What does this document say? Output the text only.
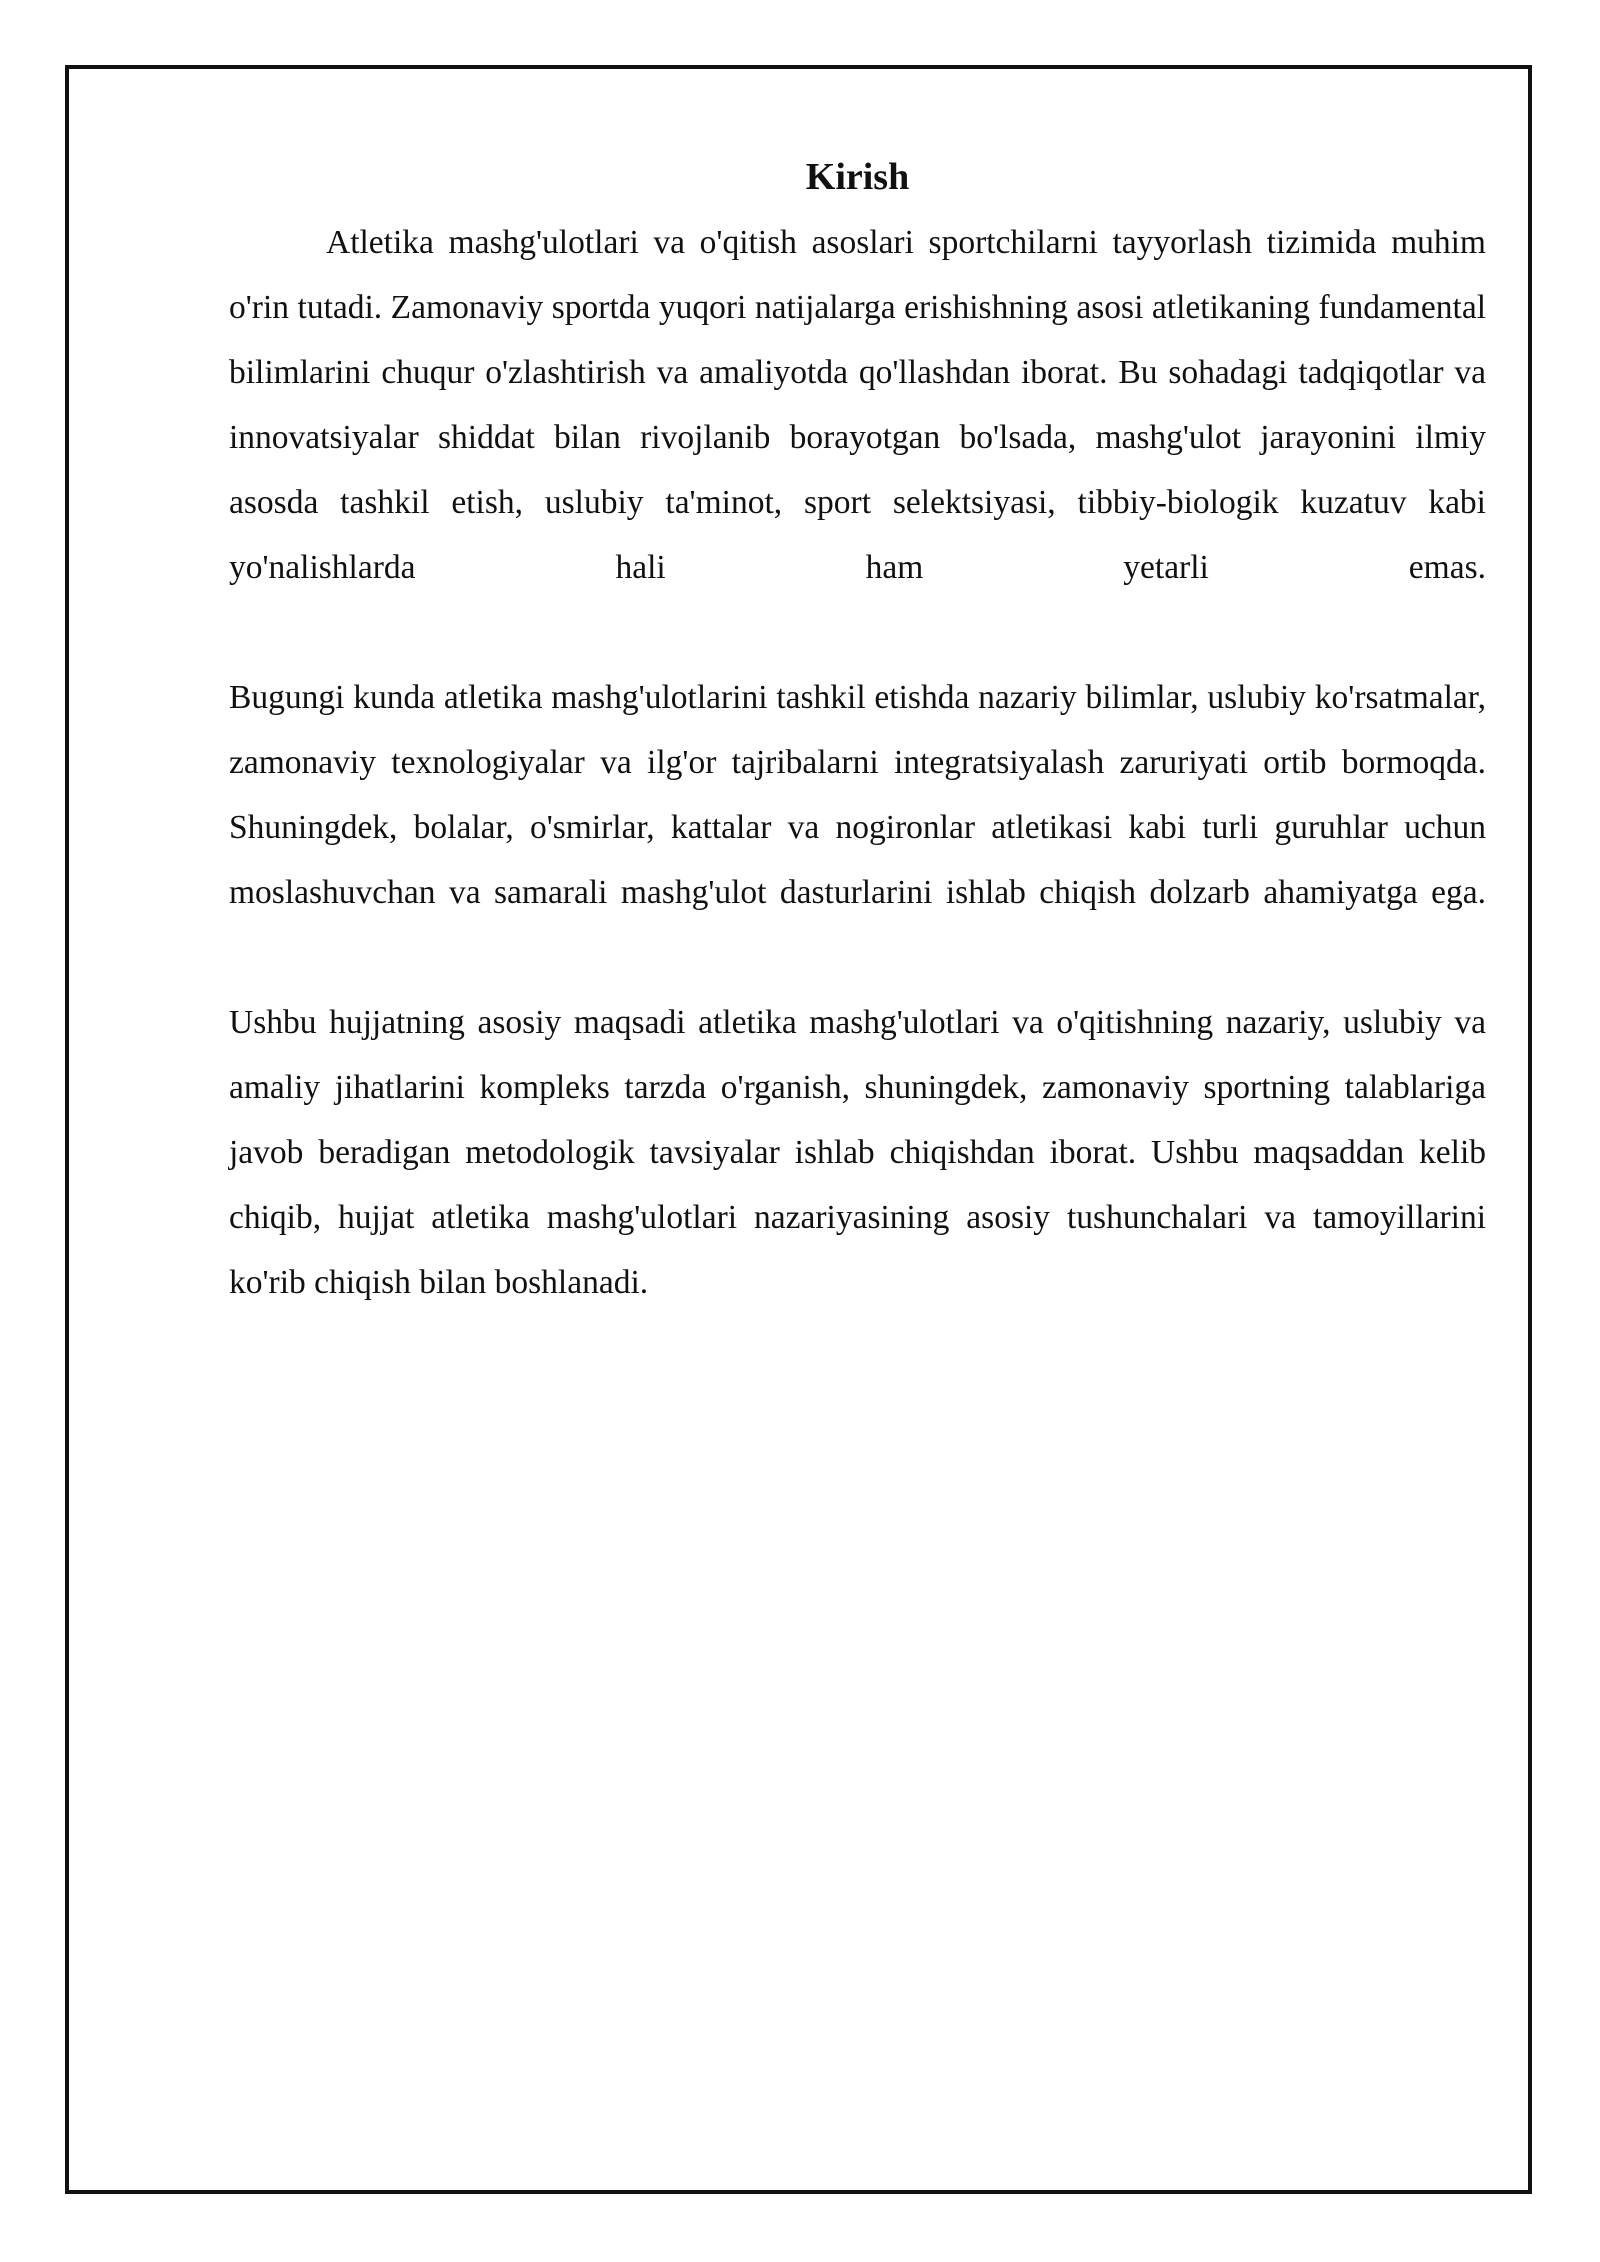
Kirish

Atletika mashg'ulotlari va o'qitish asoslari sportchilarni tayyorlash tizimida muhim o'rin tutadi. Zamonaviy sportda yuqori natijalarga erishishning asosi atletikaning fundamental bilimlarini chuqur o'zlashtirish va amaliyotda qo'llashdan iborat. Bu sohadagi tadqiqotlar va innovatsiyalar shiddat bilan rivojlanib borayotgan bo'lsada, mashg'ulot jarayonini ilmiy asosda tashkil etish, uslubiy ta'minot, sport selektsiyasi, tibbiy-biologik kuzatuv kabi yo'nalishlarda hali ham yetarli emas.

Bugungi kunda atletika mashg'ulotlarini tashkil etishda nazariy bilimlar, uslubiy ko'rsatmalar, zamonaviy texnologiyalar va ilg'or tajribalarni integratsiyalash zaruriyati ortib bormoqda. Shuningdek, bolalar, o'smirlar, kattalar va nogironlar atletikasi kabi turli guruhlar uchun moslashuvchan va samarali mashg'ulot dasturlarini ishlab chiqish dolzarb ahamiyatga ega.

Ushbu hujjatning asosiy maqsadi atletika mashg'ulotlari va o'qitishning nazariy, uslubiy va amaliy jihatlarini kompleks tarzda o'rganish, shuningdek, zamonaviy sportning talablariga javob beradigan metodologik tavsiyalar ishlab chiqishdan iborat. Ushbu maqsaddan kelib chiqib, hujjat atletika mashg'ulotlari nazariyasining asosiy tushunchalari va tamoyillarini ko'rib chiqish bilan boshlanadi.
